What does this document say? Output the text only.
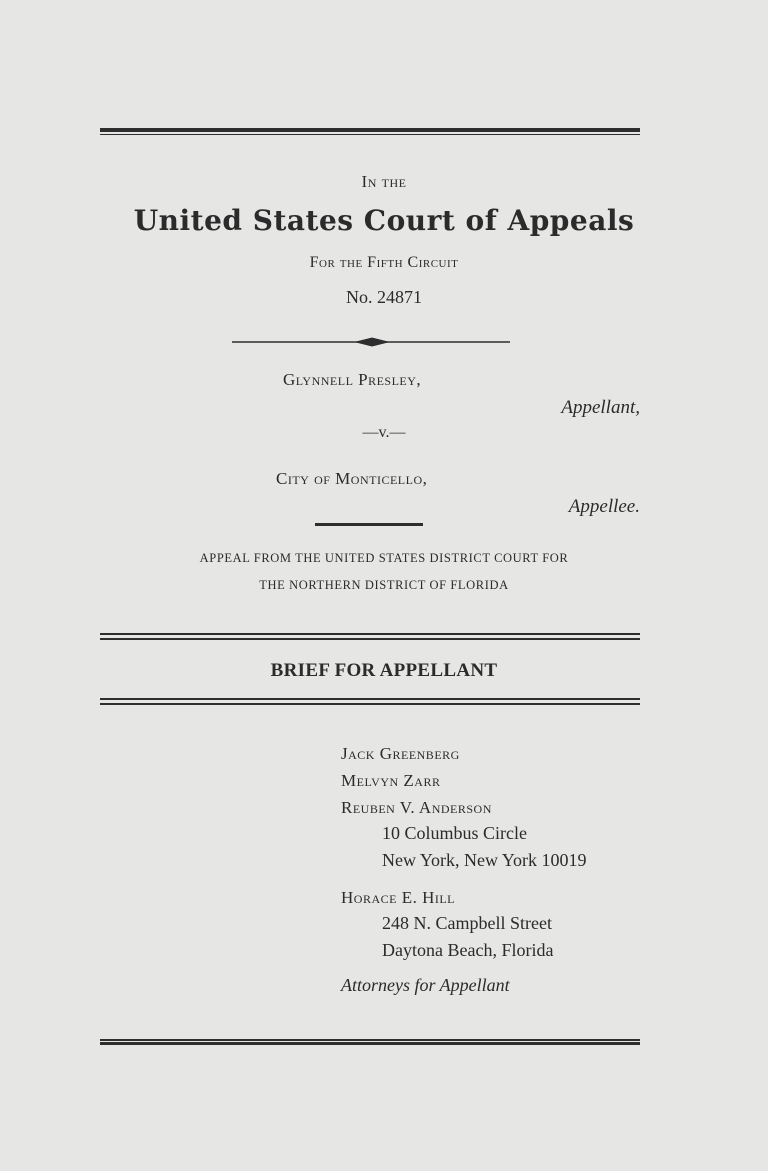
In the
United States Court of Appeals
For the Fifth Circuit
No. 24871
Glynnell Presley,
Appellant,
—v.—
City of Monticello,
Appellee.
APPEAL FROM THE UNITED STATES DISTRICT COURT FOR
THE NORTHERN DISTRICT OF FLORIDA
BRIEF FOR APPELLANT
Jack Greenberg
Melvyn Zarr
Reuben V. Anderson
10 Columbus Circle
New York, New York 10019
Horace E. Hill
248 N. Campbell Street
Daytona Beach, Florida
Attorneys for Appellant
